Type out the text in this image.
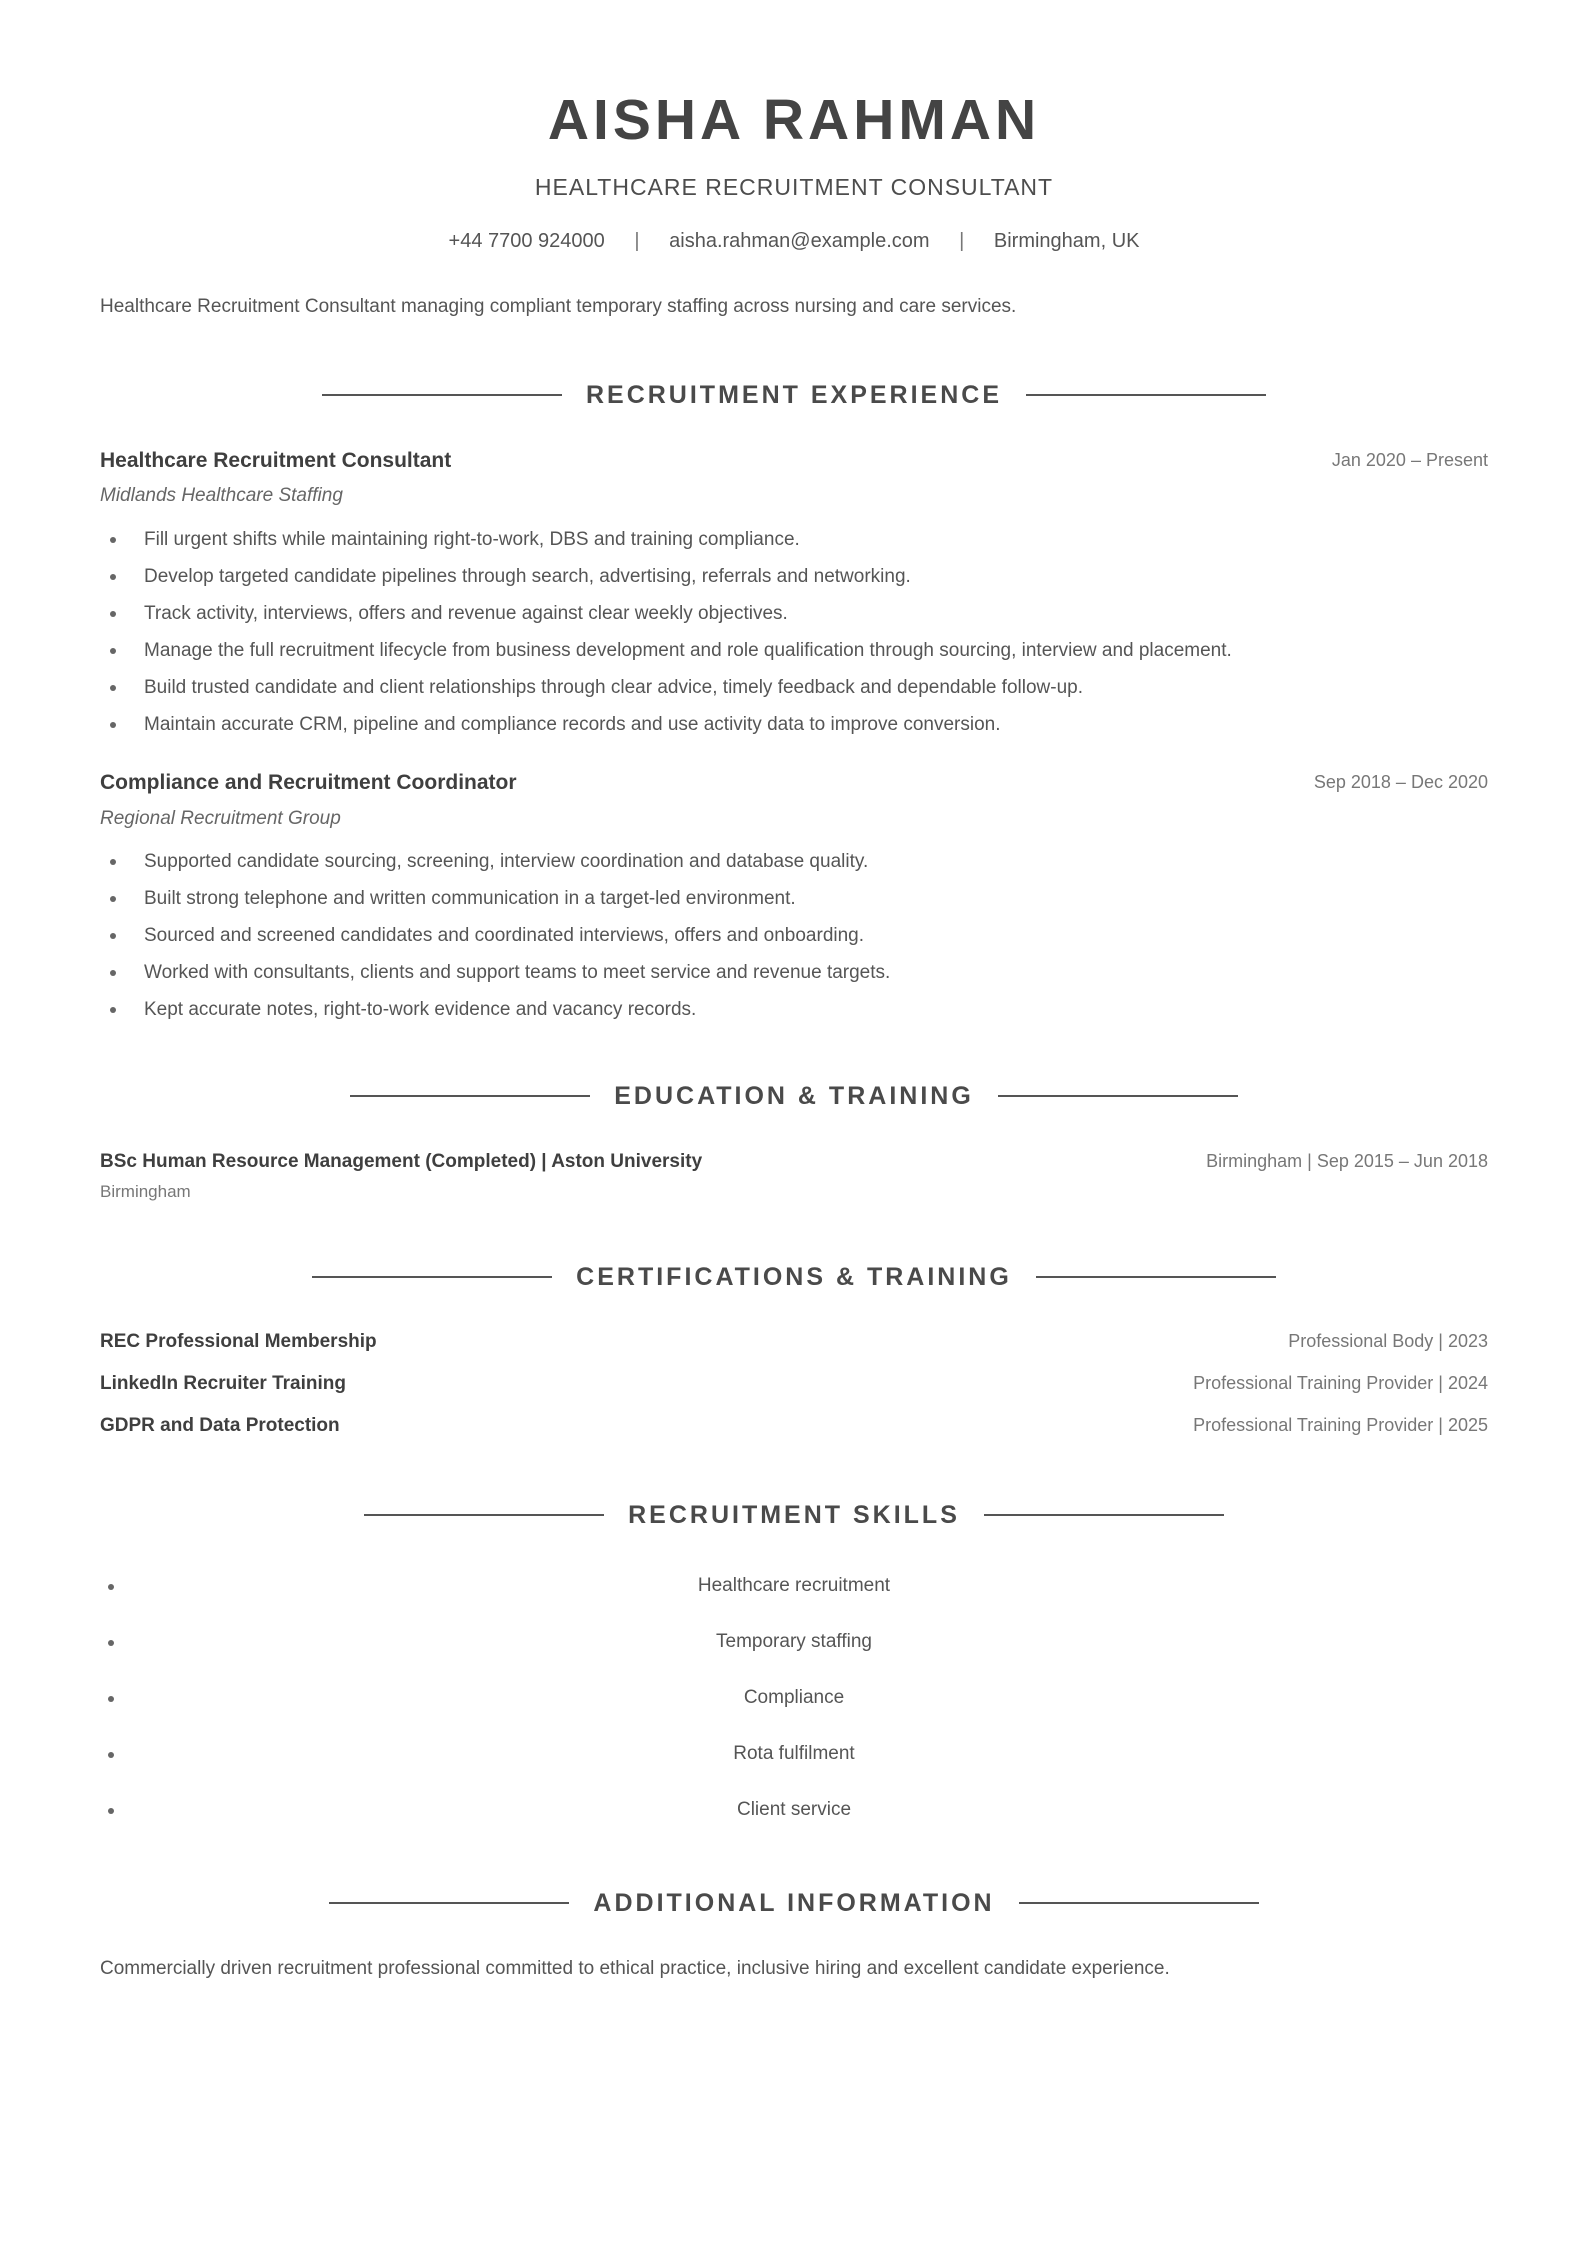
AISHA RAHMAN
HEALTHCARE RECRUITMENT CONSULTANT
+44 7700 924000 | aisha.rahman@example.com | Birmingham, UK
Healthcare Recruitment Consultant managing compliant temporary staffing across nursing and care services.
RECRUITMENT EXPERIENCE
Healthcare Recruitment Consultant	Jan 2020 – Present
Midlands Healthcare Staffing
Fill urgent shifts while maintaining right-to-work, DBS and training compliance.
Develop targeted candidate pipelines through search, advertising, referrals and networking.
Track activity, interviews, offers and revenue against clear weekly objectives.
Manage the full recruitment lifecycle from business development and role qualification through sourcing, interview and placement.
Build trusted candidate and client relationships through clear advice, timely feedback and dependable follow-up.
Maintain accurate CRM, pipeline and compliance records and use activity data to improve conversion.
Compliance and Recruitment Coordinator	Sep 2018 – Dec 2020
Regional Recruitment Group
Supported candidate sourcing, screening, interview coordination and database quality.
Built strong telephone and written communication in a target-led environment.
Sourced and screened candidates and coordinated interviews, offers and onboarding.
Worked with consultants, clients and support teams to meet service and revenue targets.
Kept accurate notes, right-to-work evidence and vacancy records.
EDUCATION & TRAINING
BSc Human Resource Management (Completed) | Aston University	Birmingham | Sep 2015 – Jun 2018
Birmingham
CERTIFICATIONS & TRAINING
REC Professional Membership	Professional Body | 2023
LinkedIn Recruiter Training	Professional Training Provider | 2024
GDPR and Data Protection	Professional Training Provider | 2025
RECRUITMENT SKILLS
Healthcare recruitment
Temporary staffing
Compliance
Rota fulfilment
Client service
ADDITIONAL INFORMATION
Commercially driven recruitment professional committed to ethical practice, inclusive hiring and excellent candidate experience.
